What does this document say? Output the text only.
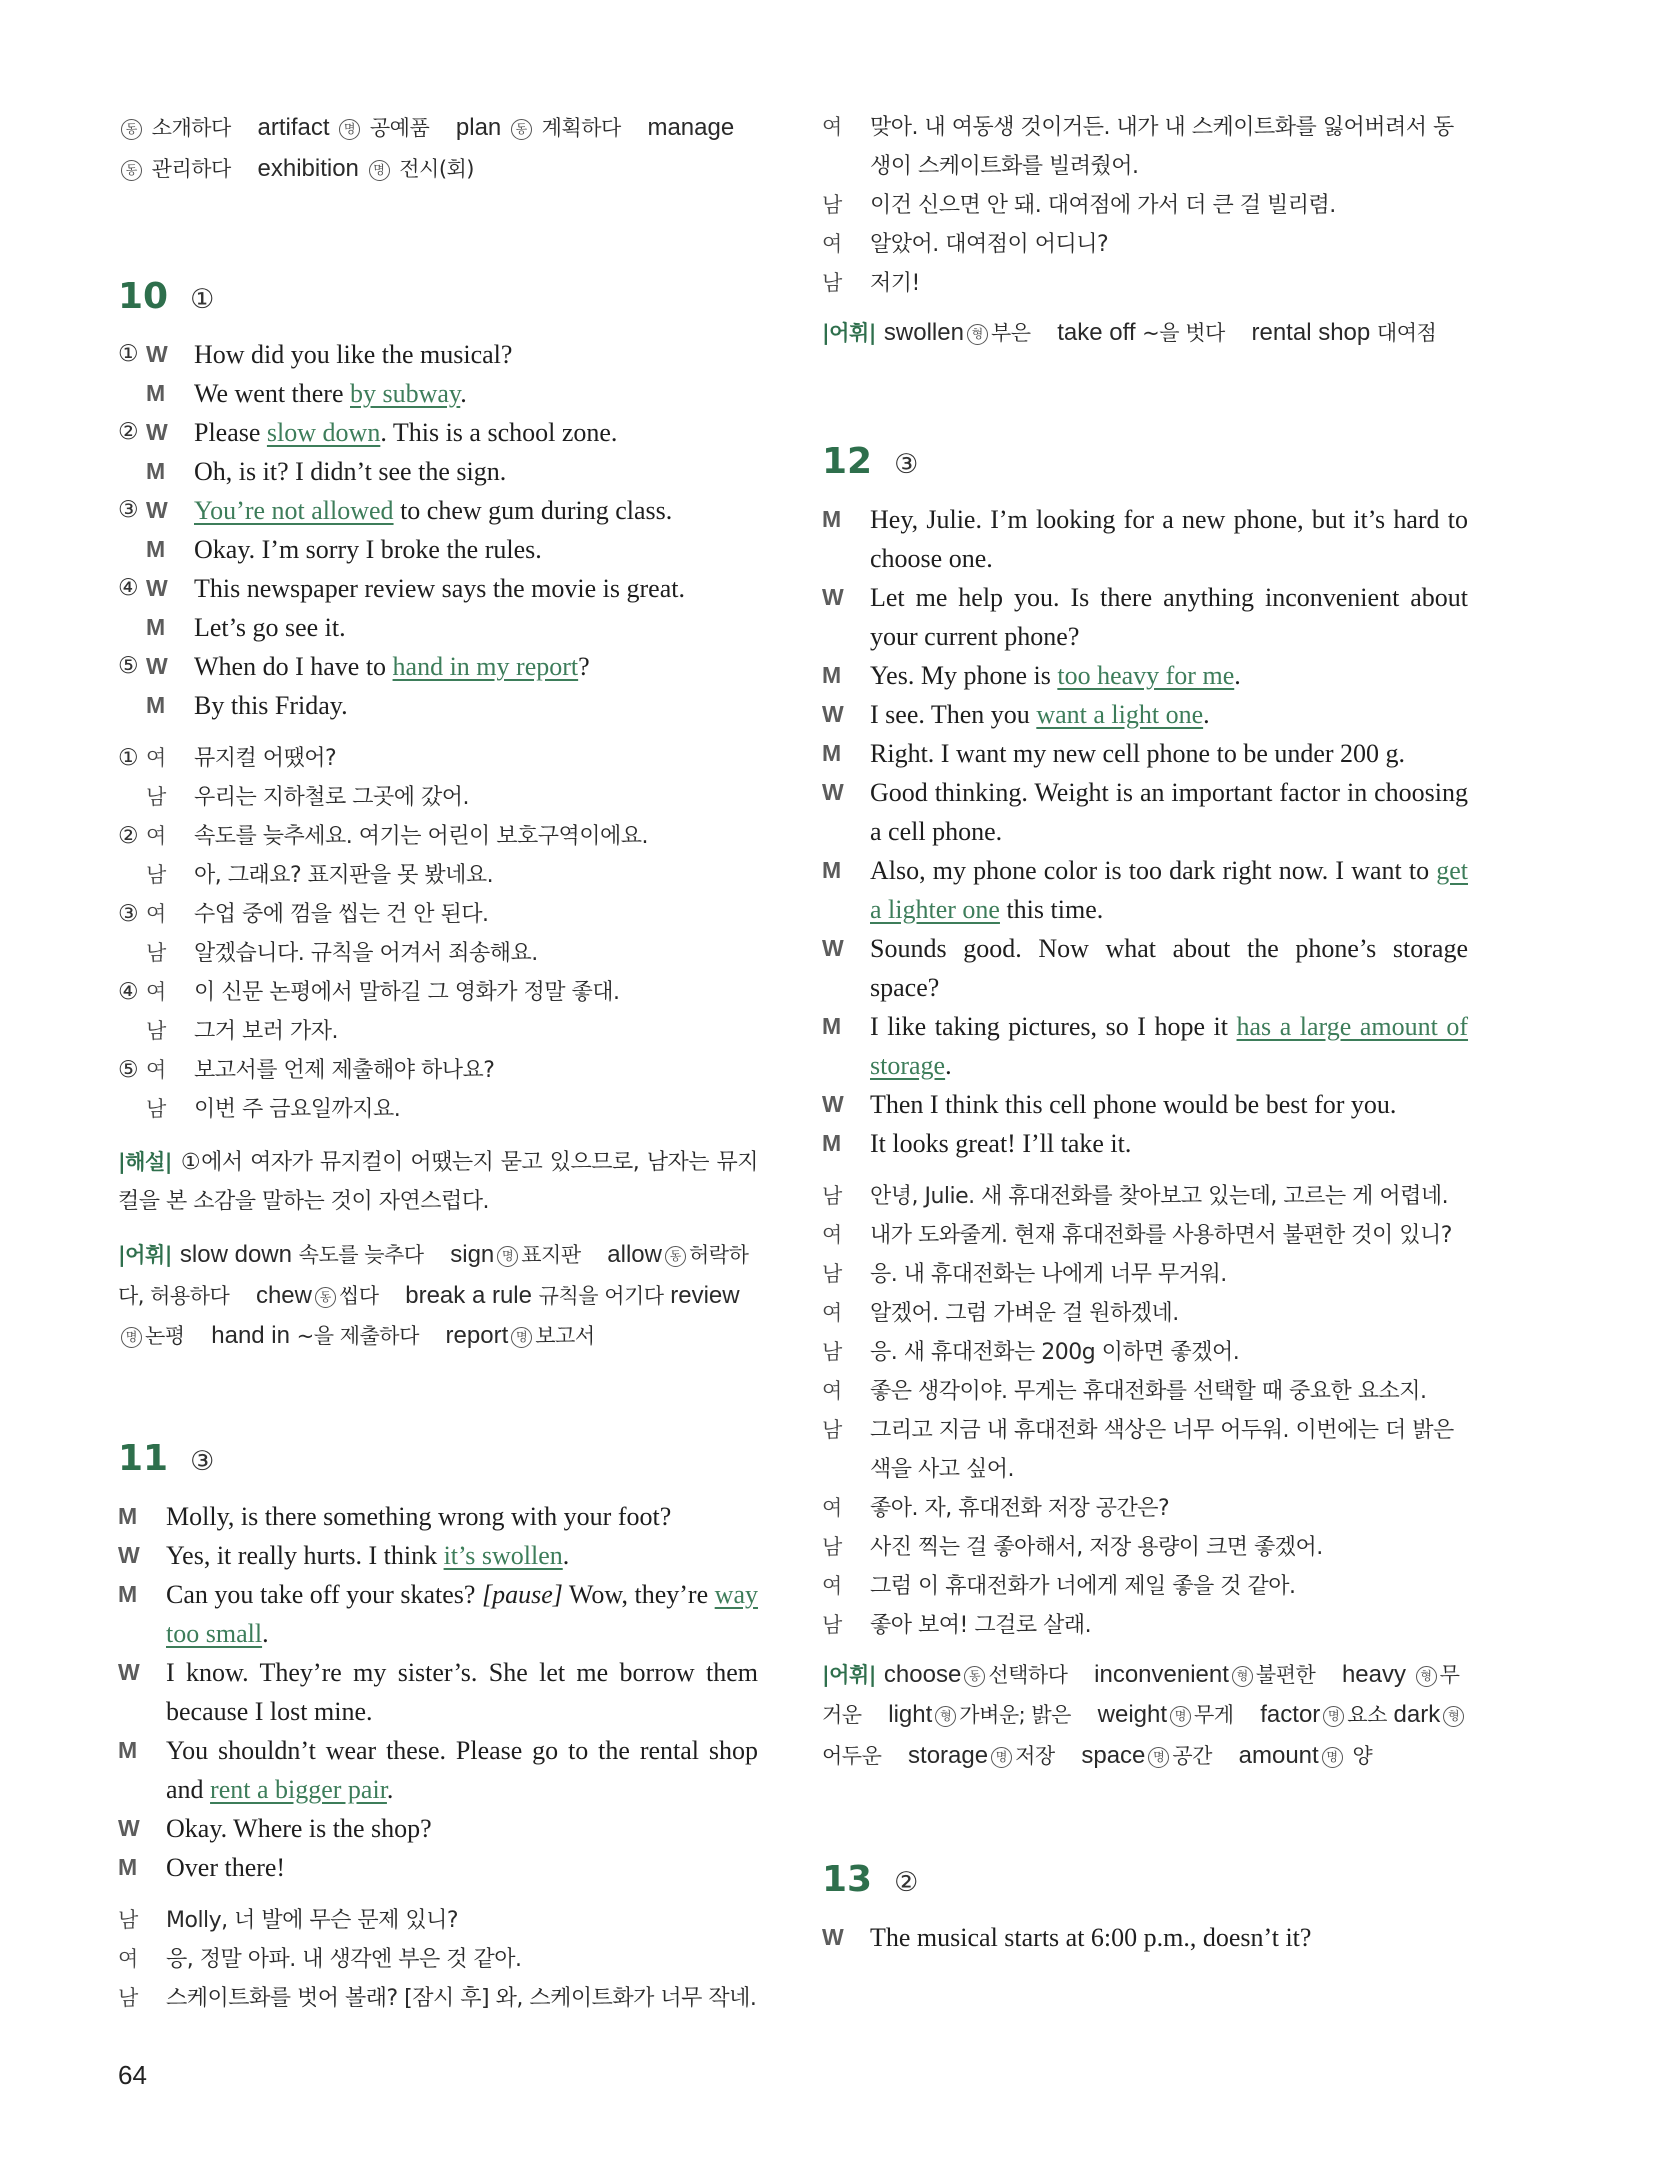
동 소개하다 artifact 명 공예품 plan 동 계획하다 manage 동 관리하다 exhibition 명 전시(회)
10 ①
① W	How did you like the musical?
M	We went there by subway.
② W	Please slow down. This is a school zone.
M	Oh, is it? I didn’t see the sign.
③ W	You’re not allowed to chew gum during class.
M	Okay. I’m sorry I broke the rules.
④ W	This newspaper review says the movie is great.
M	Let’s go see it.
⑤ W	When do I have to hand in my report?
M	By this Friday.
① 여	뮤지컬 어땠어?
남	우리는 지하철로 그곳에 갔어.
② 여	속도를 늦추세요. 여기는 어린이 보호구역이에요.
남	아, 그래요? 표지판을 못 봤네요.
③ 여	수업 중에 껌을 씹는 건 안 된다.
남	알겠습니다. 규칙을 어겨서 죄송해요.
④ 여	이 신문 논평에서 말하길 그 영화가 정말 좋대.
남	그거 보러 가자.
⑤ 여	보고서를 언제 제출해야 하나요?
남	이번 주 금요일까지요.
|해설| ①에서 여자가 뮤지컬이 어땠는지 묻고 있으므로, 남자는 뮤지컬을 본 소감을 말하는 것이 자연스럽다.
|어휘| slow down 속도를 늦추다 sign 명 표지판 allow 동 허락하다, 허용하다 chew 동 씹다 break a rule 규칙을 어기다 review명 논평 hand in ~을 제출하다 report 명 보고서
11 ③
M	Molly, is there something wrong with your foot?
W	Yes, it really hurts. I think it’s swollen.
M	Can you take off your skates? [pause] Wow, they’re way too small.
W	I know. They’re my sister’s. She let me borrow them because I lost mine.
M	You shouldn’t wear these. Please go to the rental shop and rent a bigger pair.
W	Okay. Where is the shop?
M	Over there!
남	Molly, 너 발에 무슨 문제 있니?
여	응, 정말 아파. 내 생각엔 부은 것 같아.
남	스케이트화를 벗어 볼래? [잠시 후] 와, 스케이트화가 너무 작네.
여	맞아. 내 여동생 것이거든. 내가 내 스케이트화를 잃어버려서 동생이 스케이트화를 빌려줬어.
남	이건 신으면 안 돼. 대여점에 가서 더 큰 걸 빌리렴.
여	알았어. 대여점이 어디니?
남	저기!
|어휘| swollen 형 부은 take off ~을 벗다 rental shop 대여점
12 ③
M	Hey, Julie. I’m looking for a new phone, but it’s hard to choose one.
W	Let me help you. Is there anything inconvenient about your current phone?
M	Yes. My phone is too heavy for me.
W	I see. Then you want a light one.
M	Right. I want my new cell phone to be under 200 g.
W	Good thinking. Weight is an important factor in choosing a cell phone.
M	Also, my phone color is too dark right now. I want to get a lighter one this time.
W	Sounds good. Now what about the phone’s storage space?
M	I like taking pictures, so I hope it has a large amount of storage.
W	Then I think this cell phone would be best for you.
M	It looks great! I’ll take it.
남	안녕, Julie. 새 휴대전화를 찾아보고 있는데, 고르는 게 어렵네.
여	내가 도와줄게. 현재 휴대전화를 사용하면서 불편한 것이 있니?
남	응. 내 휴대전화는 나에게 너무 무거워.
여	알겠어. 그럼 가벼운 걸 원하겠네.
남	응. 새 휴대전화는 200g 이하면 좋겠어.
여	좋은 생각이야. 무게는 휴대전화를 선택할 때 중요한 요소지.
남	그리고 지금 내 휴대전화 색상은 너무 어두워. 이번에는 더 밝은 색을 사고 싶어.
여	좋아. 자, 휴대전화 저장 공간은?
남	사진 찍는 걸 좋아해서, 저장 용량이 크면 좋겠어.
여	그럼 이 휴대전화가 너에게 제일 좋을 것 같아.
남	좋아 보여! 그걸로 살래.
|어휘| choose 동 선택하다 inconvenient 형 불편한 heavy 형 무거운 light 형 가벼운; 밝은 weight 명 무게 factor 명 요소 dark 형어두운 storage 명 저장 space 명 공간 amount 명 양
13 ②
W	The musical starts at 6:00 p.m., doesn’t it?
64
